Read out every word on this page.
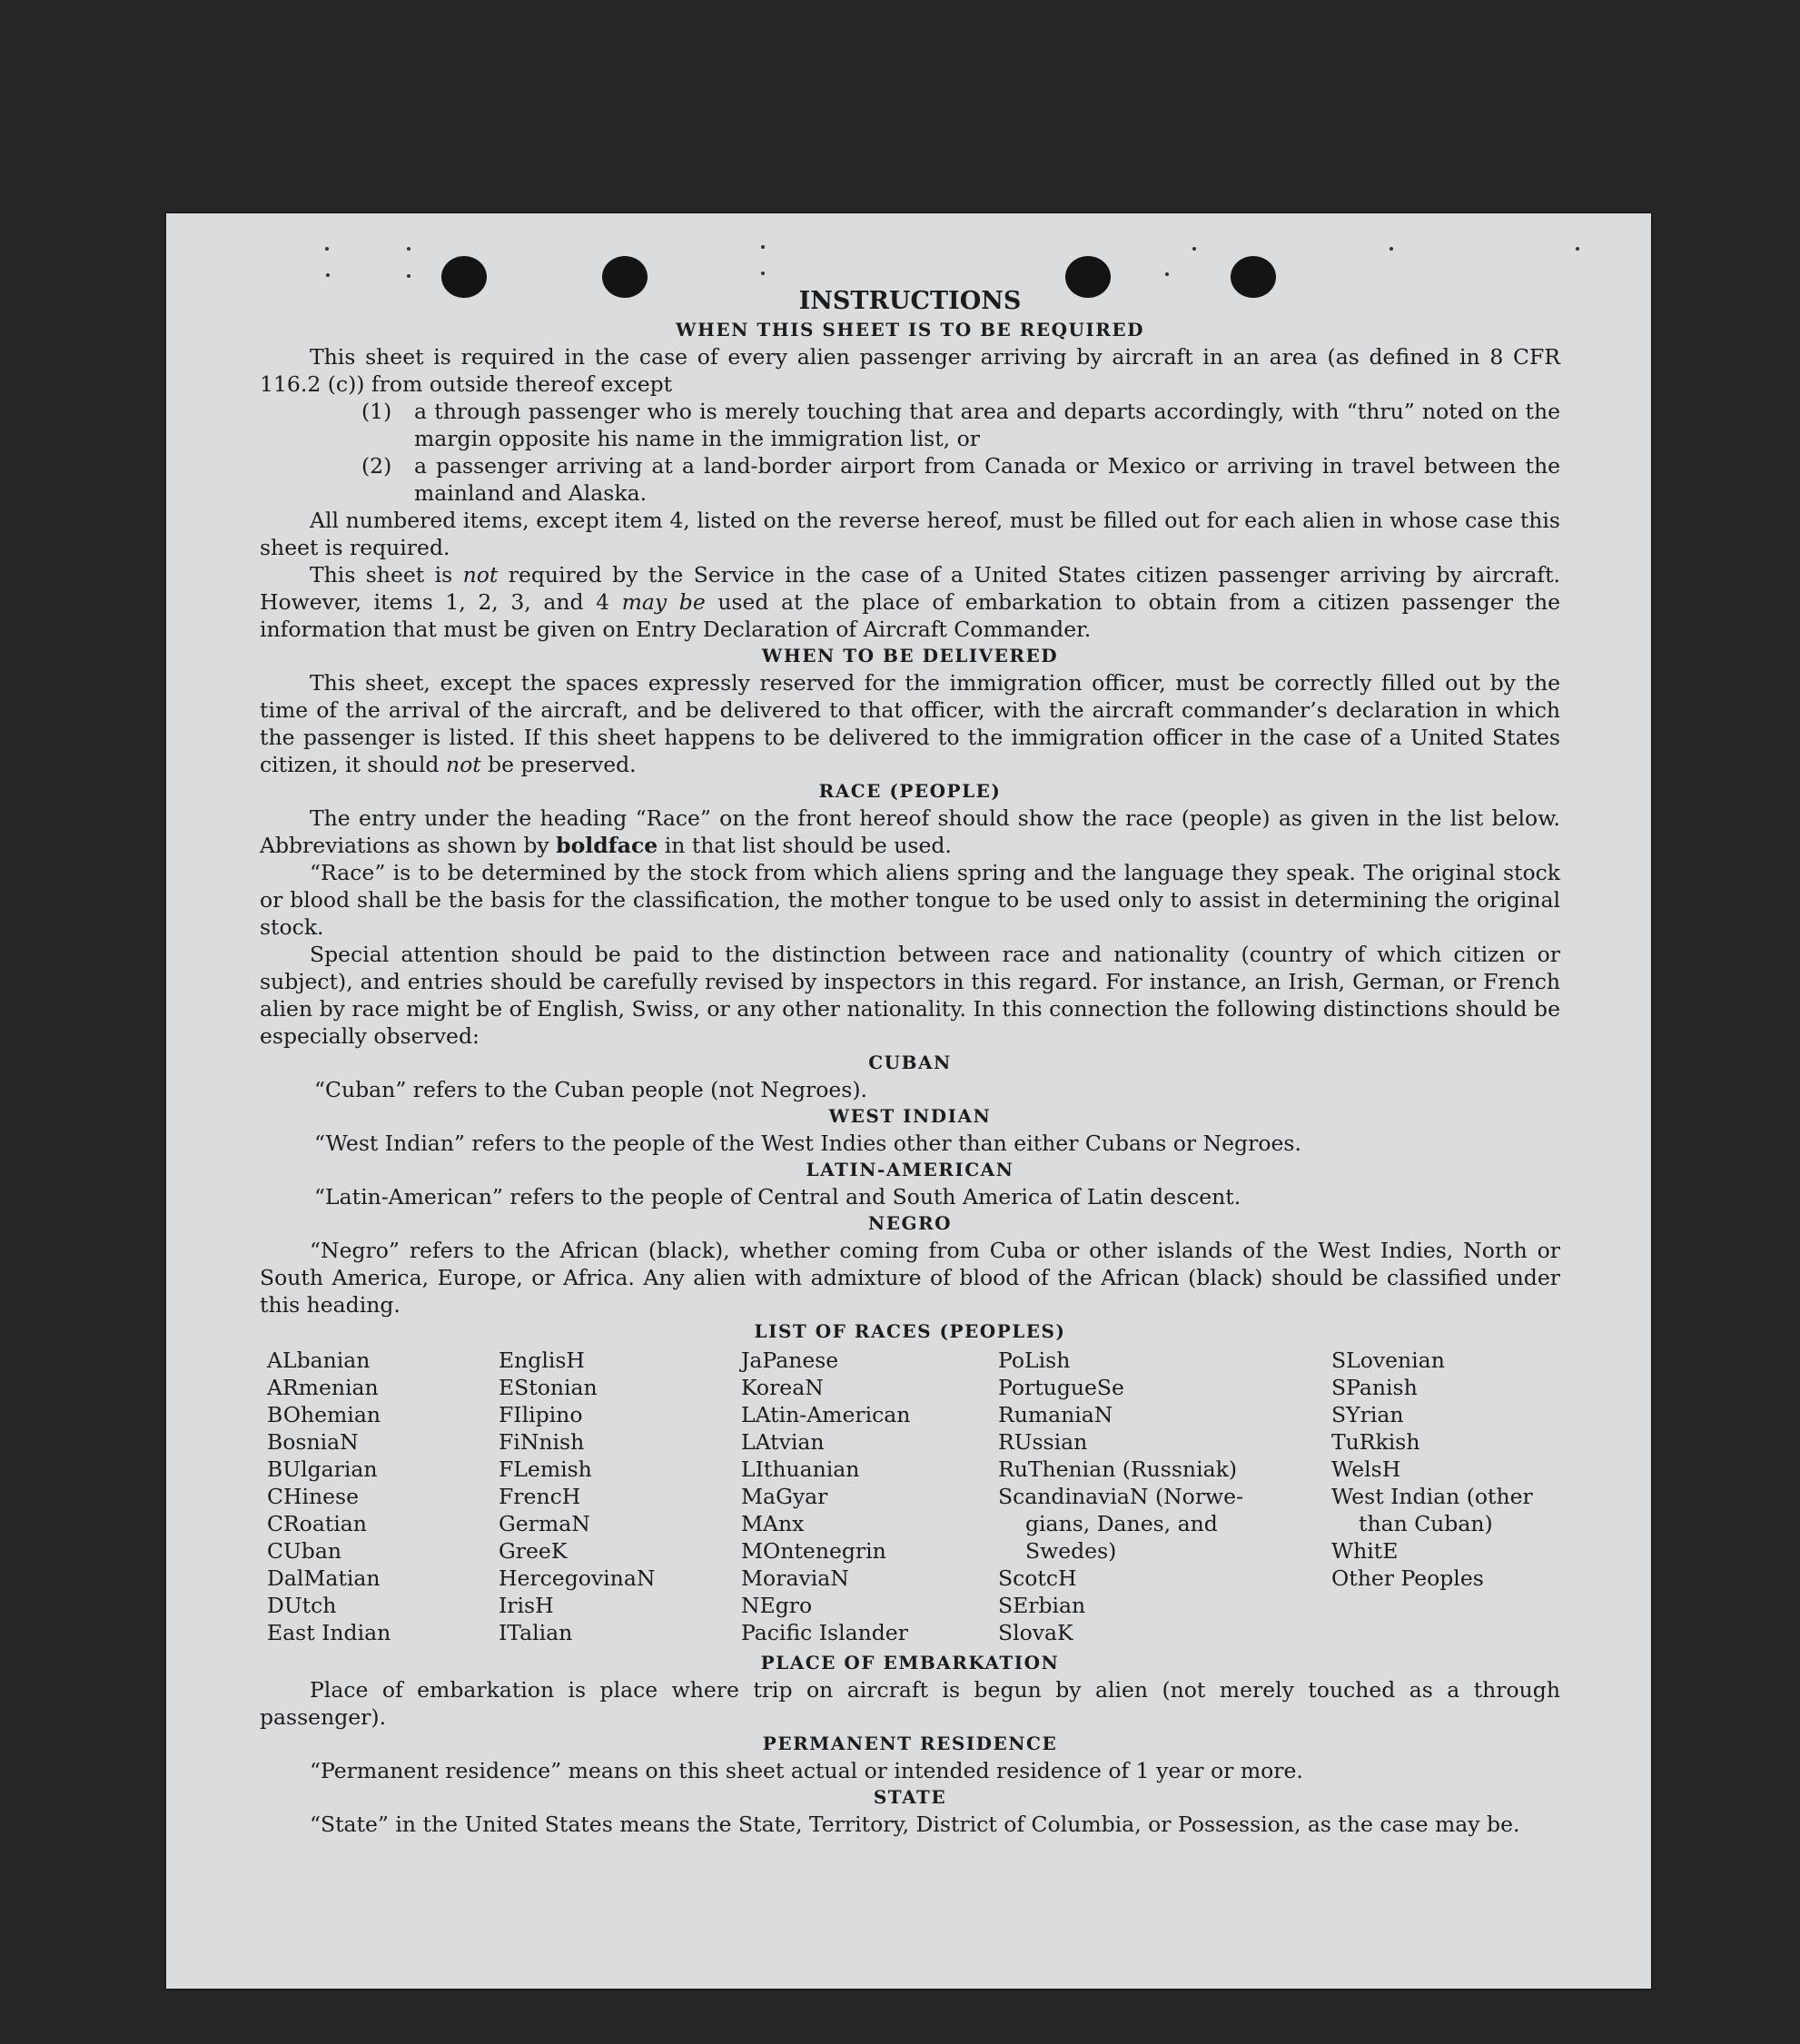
INSTRUCTIONS
WHEN THIS SHEET IS TO BE REQUIRED

This sheet is required in the case of every alien passenger arriving by aircraft in an area (as defined in 8 CFR 116.2 (c)) from outside thereof except

(1)	a through passenger who is merely touching that area and departs accordingly, with “thru” noted on the margin opposite his name in the immigration list, or
(2)	a passenger arriving at a land-border airport from Canada or Mexico or arriving in travel between the mainland and Alaska.

All numbered items, except item 4, listed on the reverse hereof, must be filled out for each alien in whose case this sheet is required.

This sheet is not required by the Service in the case of a United States citizen passenger arriving by aircraft. However, items 1, 2, 3, and 4 may be used at the place of embarkation to obtain from a citizen passenger the information that must be given on Entry Declaration of Aircraft Commander.

WHEN TO BE DELIVERED

This sheet, except the spaces expressly reserved for the immigration officer, must be correctly filled out by the time of the arrival of the aircraft, and be delivered to that officer, with the aircraft commander’s declaration in which the passenger is listed. If this sheet happens to be delivered to the immigration officer in the case of a United States citizen, it should not be preserved.

RACE (PEOPLE)

The entry under the heading “Race” on the front hereof should show the race (people) as given in the list below. Abbreviations as shown by boldface in that list should be used.

“Race” is to be determined by the stock from which aliens spring and the language they speak. The original stock or blood shall be the basis for the classification, the mother tongue to be used only to assist in determining the original stock.

Special attention should be paid to the distinction between race and nationality (country of which citizen or subject), and entries should be carefully revised by inspectors in this regard. For instance, an Irish, German, or French alien by race might be of English, Swiss, or any other nationality. In this connection the following distinctions should be especially observed:

CUBAN

“Cuban” refers to the Cuban people (not Negroes).

WEST INDIAN

“West Indian” refers to the people of the West Indies other than either Cubans or Negroes.

LATIN-AMERICAN

“Latin-American” refers to the people of Central and South America of Latin descent.

NEGRO

“Negro” refers to the African (black), whether coming from Cuba or other islands of the West Indies, North or South America, Europe, or Africa. Any alien with admixture of blood of the African (black) should be classified under this heading.

LIST OF RACES (PEOPLES)
ALbanian
ARmenian
BOhemian
BosniaN
BUlgarian
CHinese
CRoatian
CUban
DalMatian
DUtch
East Indian
EnglisH
EStonian
FIlipino
FiNnish
FLemish
FrencH
GermaN
GreeK
HercegovinaN
IrisH
ITalian
JaPanese
KoreaN
LAtin-American
LAtvian
LIthuanian
MaGyar
MAnx
MOntenegrin
MoraviaN
NEgro
Pacific Islander
PoLish
PortugueSe
RumaniaN
RUssian
RuThenian (Russniak)
ScandinaviaN (Norwe-
gians, Danes, and
Swedes)
ScotcH
SErbian
SlovaK
SLovenian
SPanish
SYrian
TuRkish
WelsH
West Indian (other
than Cuban)
WhitE
Other Peoples
PLACE OF EMBARKATION

Place of embarkation is place where trip on aircraft is begun by alien (not merely touched as a through passenger).

PERMANENT RESIDENCE

“Permanent residence” means on this sheet actual or intended residence of 1 year or more.

STATE

“State” in the United States means the State, Territory, District of Columbia, or Possession, as the case may be.
